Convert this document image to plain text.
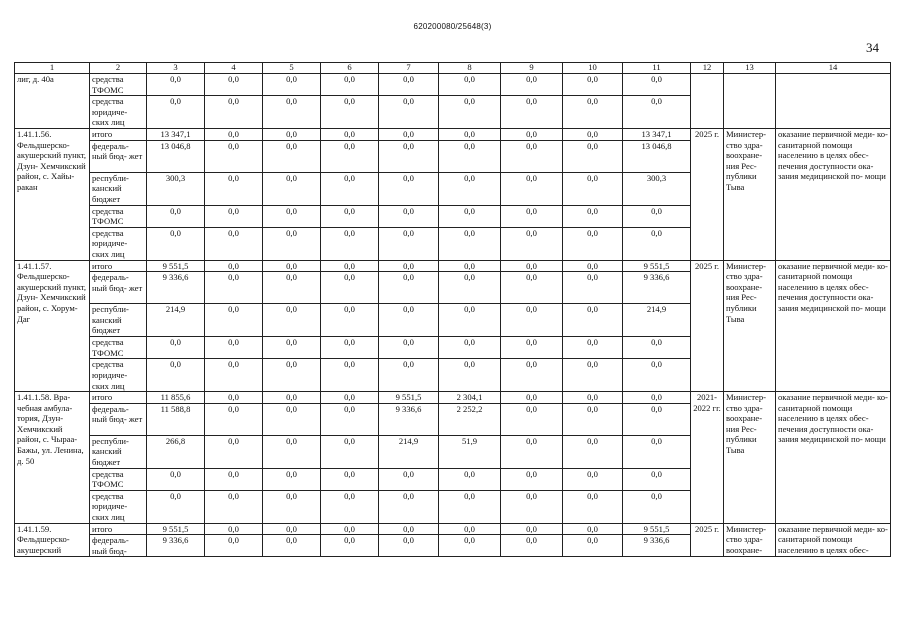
620200080/25648(3)
34
1	2	3	4	5	6	7	8	9	10	11	12	13	14
лиг, д. 40а	средства ТФОМС	0,0	0,0	0,0	0,0	0,0	0,0	0,0	0,0	0,0			
	средства юридиче- ских лиц	0,0	0,0	0,0	0,0	0,0	0,0	0,0	0,0	0,0			
1.41.1.56. Фельдшерско- акушерский пункт, Дзун- Хемчикский район, с. Хайы- ракан	итого	13 347,1	0,0	0,0	0,0	0,0	0,0	0,0	0,0	13 347,1	2025 г.	Министер- ство здра- воохране- ния Рес- публики Тыва	оказание первичной меди- ко-санитарной помощи населению в целях обес- печения доступности ока- зания медицинской по- мощи
	федераль- ный бюд- жет	13 046,8	0,0	0,0	0,0	0,0	0,0	0,0	0,0	13 046,8			
	республи- канский бюджет	300,3	0,0	0,0	0,0	0,0	0,0	0,0	0,0	300,3			
	средства ТФОМС	0,0	0,0	0,0	0,0	0,0	0,0	0,0	0,0	0,0			
	средства юридиче- ских лиц	0,0	0,0	0,0	0,0	0,0	0,0	0,0	0,0	0,0			
1.41.1.57. Фельдшерско- акушерский пункт, Дзун- Хемчикский район, с. Хорум- Даг	итого	9 551,5	0,0	0,0	0,0	0,0	0,0	0,0	0,0	9 551,5	2025 г.	Министер- ство здра- воохране- ния Рес- публики Тыва	оказание первичной меди- ко-санитарной помощи населению в целях обес- печения доступности ока- зания медицинской по- мощи
	федераль- ный бюд- жет	9 336,6	0,0	0,0	0,0	0,0	0,0	0,0	0,0	9 336,6			
	республи- канский бюджет	214,9	0,0	0,0	0,0	0,0	0,0	0,0	0,0	214,9			
	средства ТФОМС	0,0	0,0	0,0	0,0	0,0	0,0	0,0	0,0	0,0			
	средства юридиче- ских лиц	0,0	0,0	0,0	0,0	0,0	0,0	0,0	0,0	0,0			
1.41.1.58. Вра- чебная амбула- тория, Дзун- Хемчикский район, с. Чыраа- Бажы, ул. Ленина, д. 50	итого	11 855,6	0,0	0,0	0,0	9 551,5	2 304,1	0,0	0,0	0,0	2021- 2022 гг.	Министер- ство здра- воохране- ния Рес- публики Тыва	оказание первичной меди- ко-санитарной помощи населению в целях обес- печения доступности ока- зания медицинской по- мощи
	федераль- ный бюд- жет	11 588,8	0,0	0,0	0,0	9 336,6	2 252,2	0,0	0,0	0,0			
	республи- канский бюджет	266,8	0,0	0,0	0,0	214,9	51,9	0,0	0,0	0,0			
	средства ТФОМС	0,0	0,0	0,0	0,0	0,0	0,0	0,0	0,0	0,0			
	средства юридиче- ских лиц	0,0	0,0	0,0	0,0	0,0	0,0	0,0	0,0	0,0			
1.41.1.59. Фельдшерско- акушерский	итого	9 551,5	0,0	0,0	0,0	0,0	0,0	0,0	0,0	9 551,5	2025 г.	Министер- ство здра- воохране-	оказание первичной меди- ко-санитарной помощи населению в целях обес-
	федераль- ный бюд-	9 336,6	0,0	0,0	0,0	0,0	0,0	0,0	0,0	9 336,6			
